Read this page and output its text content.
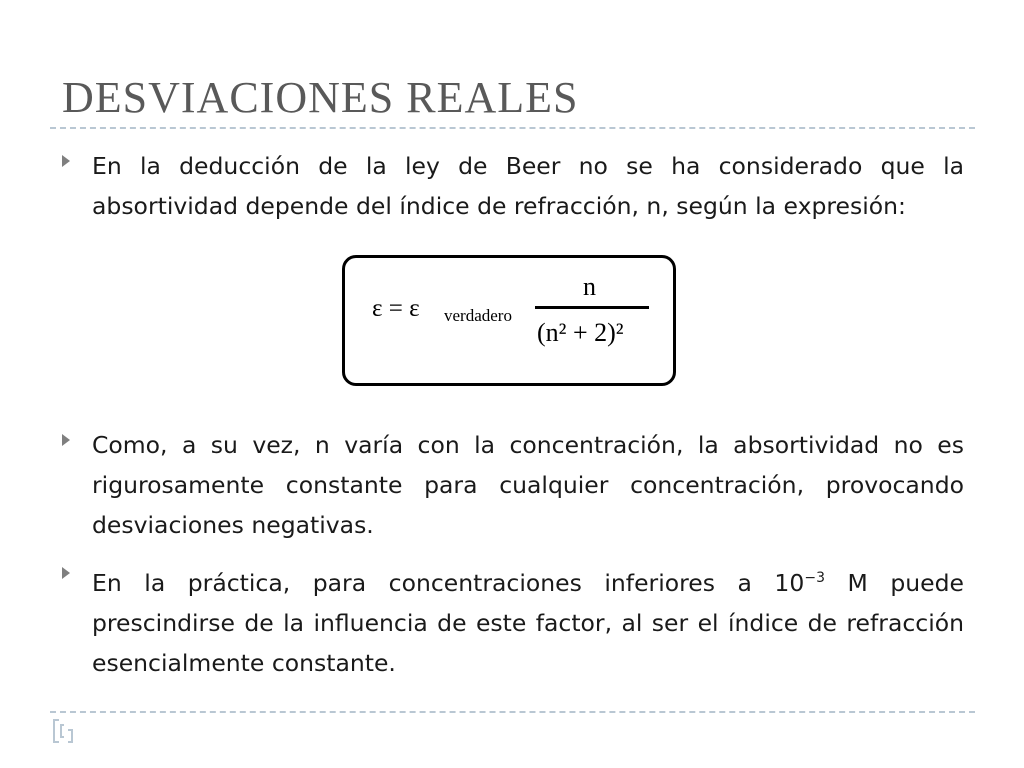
DESVIACIONES REALES

En la deducción de la ley de Beer no se ha considerado que la absortividad depende del índice de refracción, n, según la expresión:

ε = ε verdadero
n
(n² + 2)²

Como, a su vez, n varía con la concentración, la absortividad no es rigurosamente constante para cualquier concentración, provocando desviaciones negativas.

En la práctica, para concentraciones inferiores a $10^{-3}$ M puede prescindirse de la influencia de este factor, al ser el índice de refracción esencialmente constante.
